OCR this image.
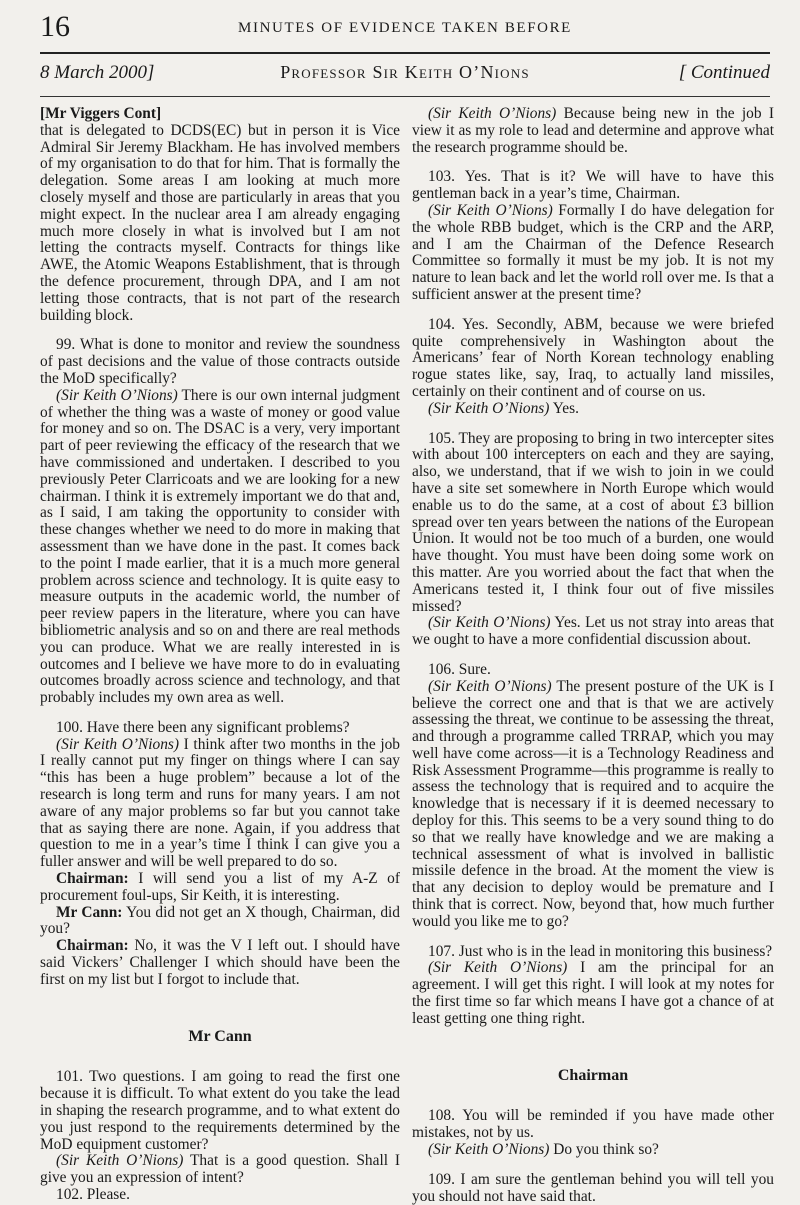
16	MINUTES OF EVIDENCE TAKEN BEFORE
8 March 2000]	Professor Sir Keith O’Nions	[ Continued

[Mr Viggers Cont]

that is delegated to DCDS(EC) but in person it is Vice Admiral Sir Jeremy Blackham. He has involved members of my organisation to do that for him. That is formally the delegation. Some areas I am looking at much more closely myself and those are particularly in areas that you might expect. In the nuclear area I am already engaging much more closely in what is involved but I am not letting the contracts myself. Contracts for things like AWE, the Atomic Weapons Establishment, that is through the defence procurement, through DPA, and I am not letting those contracts, that is not part of the research building block.

99. What is done to monitor and review the soundness of past decisions and the value of those contracts outside the MoD specifically?

(Sir Keith O’Nions) There is our own internal judgment of whether the thing was a waste of money or good value for money and so on. The DSAC is a very, very important part of peer reviewing the efficacy of the research that we have commissioned and undertaken. I described to you previously Peter Clarricoats and we are looking for a new chairman. I think it is extremely important we do that and, as I said, I am taking the opportunity to consider with these changes whether we need to do more in making that assessment than we have done in the past. It comes back to the point I made earlier, that it is a much more general problem across science and technology. It is quite easy to measure outputs in the academic world, the number of peer review papers in the literature, where you can have bibliometric analysis and so on and there are real methods you can produce. What we are really interested in is outcomes and I believe we have more to do in evaluating outcomes broadly across science and technology, and that probably includes my own area as well.

100. Have there been any significant problems?

(Sir Keith O’Nions) I think after two months in the job I really cannot put my finger on things where I can say “this has been a huge problem” because a lot of the research is long term and runs for many years. I am not aware of any major problems so far but you cannot take that as saying there are none. Again, if you address that question to me in a year’s time I think I can give you a fuller answer and will be well prepared to do so.

Chairman: I will send you a list of my A-Z of procurement foul-ups, Sir Keith, it is interesting.

Mr Cann: You did not get an X though, Chairman, did you?

Chairman: No, it was the V I left out. I should have said Vickers’ Challenger I which should have been the first on my list but I forgot to include that.

Mr Cann

101. Two questions. I am going to read the first one because it is difficult. To what extent do you take the lead in shaping the research programme, and to what extent do you just respond to the requirements determined by the MoD equipment customer?

(Sir Keith O’Nions) That is a good question. Shall I give you an expression of intent?

102. Please.

(Sir Keith O’Nions) Because being new in the job I view it as my role to lead and determine and approve what the research programme should be.

103. Yes. That is it? We will have to have this gentleman back in a year’s time, Chairman.

(Sir Keith O’Nions) Formally I do have delegation for the whole RBB budget, which is the CRP and the ARP, and I am the Chairman of the Defence Research Committee so formally it must be my job. It is not my nature to lean back and let the world roll over me. Is that a sufficient answer at the present time?

104. Yes. Secondly, ABM, because we were briefed quite comprehensively in Washington about the Americans’ fear of North Korean technology enabling rogue states like, say, Iraq, to actually land missiles, certainly on their continent and of course on us.

(Sir Keith O’Nions) Yes.

105. They are proposing to bring in two intercepter sites with about 100 intercepters on each and they are saying, also, we understand, that if we wish to join in we could have a site set somewhere in North Europe which would enable us to do the same, at a cost of about £3 billion spread over ten years between the nations of the European Union. It would not be too much of a burden, one would have thought. You must have been doing some work on this matter. Are you worried about the fact that when the Americans tested it, I think four out of five missiles missed?

(Sir Keith O’Nions) Yes. Let us not stray into areas that we ought to have a more confidential discussion about.

106. Sure.

(Sir Keith O’Nions) The present posture of the UK is I believe the correct one and that is that we are actively assessing the threat, we continue to be assessing the threat, and through a programme called TRRAP, which you may well have come across—it is a Technology Readiness and Risk Assessment Programme—this programme is really to assess the technology that is required and to acquire the knowledge that is necessary if it is deemed necessary to deploy for this. This seems to be a very sound thing to do so that we really have knowledge and we are making a technical assessment of what is involved in ballistic missile defence in the broad. At the moment the view is that any decision to deploy would be premature and I think that is correct. Now, beyond that, how much further would you like me to go?

107. Just who is in the lead in monitoring this business?

(Sir Keith O’Nions) I am the principal for an agreement. I will get this right. I will look at my notes for the first time so far which means I have got a chance of at least getting one thing right.

Chairman

108. You will be reminded if you have made other mistakes, not by us.

(Sir Keith O’Nions) Do you think so?

109. I am sure the gentleman behind you will tell you you should not have said that.
